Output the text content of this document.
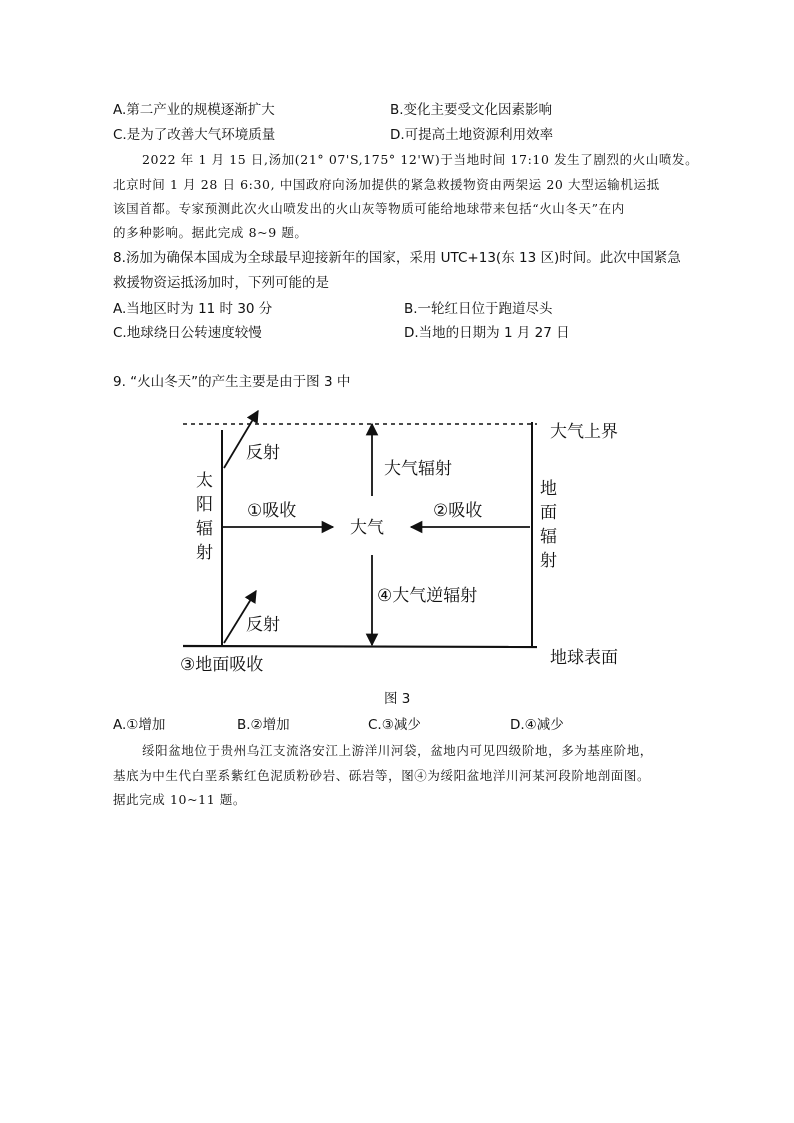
A.第二产业的规模逐渐扩大	B.变化主要受文化因素影响
C.是为了改善大气环境质量	D.可提高土地资源利用效率
2022 年 1 月 15 日,汤加(21° 07'S,175° 12'W)于当地时间 17:10 发生了剧烈的火山喷发。
北京时间 1 月 28 日 6:30, 中国政府向汤加提供的紧急救援物资由两架运 20 大型运输机运抵
该国首都。专家预测此次火山喷发出的火山灰等物质可能给地球带来包括“火山冬天”在内
的多种影响。据此完成 8~9 题。
8.汤加为确保本国成为全球最早迎接新年的国家，采用 UTC+13(东 13 区)时间。此次中国紧急
救援物资运抵汤加时，下列可能的是
A.当地区时为 11 时 30 分	B.一轮红日位于跑道尽头
C.地球绕日公转速度较慢	D.当地的日期为 1 月 27 日
9. “火山冬天”的产生主要是由于图 3 中
大气上界
地球表面
太
阳
辐
射
地
面
辐
射
反射
反射
①吸收	②吸收
大气
大气辐射
④大气逆辐射
③地面吸收
图 3
A.①增加	B.②增加	C.③减少	D.④减少
绥阳盆地位于贵州乌江支流洛安江上游洋川河袋，盆地内可见四级阶地，多为基座阶地，
基底为中生代白垩系紫红色泥质粉砂岩、砾岩等，图④为绥阳盆地洋川河某河段阶地剖面图。
据此完成 10~11 题。
